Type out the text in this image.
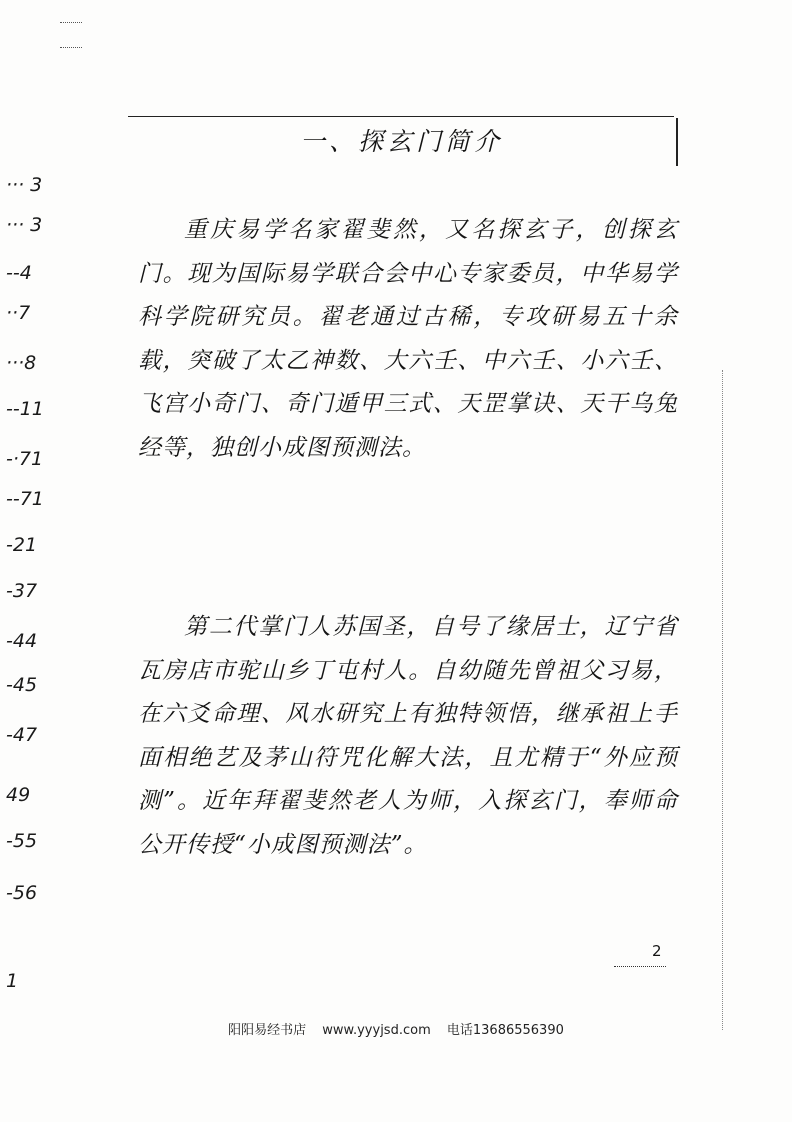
··· 3
··· 3
--4
··7
···8
--11
-·71
--71
-21
-37
-44
-45
-47
49
-55
-56
1
一、探玄门简介

重庆易学名家翟斐然，又名探玄子，创探玄门。现为国际易学联合会中心专家委员，中华易学科学院研究员。翟老通过古稀，专攻研易五十余载，突破了太乙神数、大六壬、中六壬、小六壬、飞宫小奇门、奇门遁甲三式、天罡掌诀、天干乌兔经等，独创小成图预测法。

第二代掌门人苏国圣，自号了缘居士，辽宁省瓦房店市驼山乡丁屯村人。自幼随先曾祖父习易，在六爻命理、风水研究上有独特领悟，继承祖上手面相绝艺及茅山符咒化解大法，且尤精于“外应预测”。近年拜翟斐然老人为师，入探玄门，奉师命公开传授“小成图预测法”。

2
阳阳易经书店 www.yyyjsd.com 电话13686556390
